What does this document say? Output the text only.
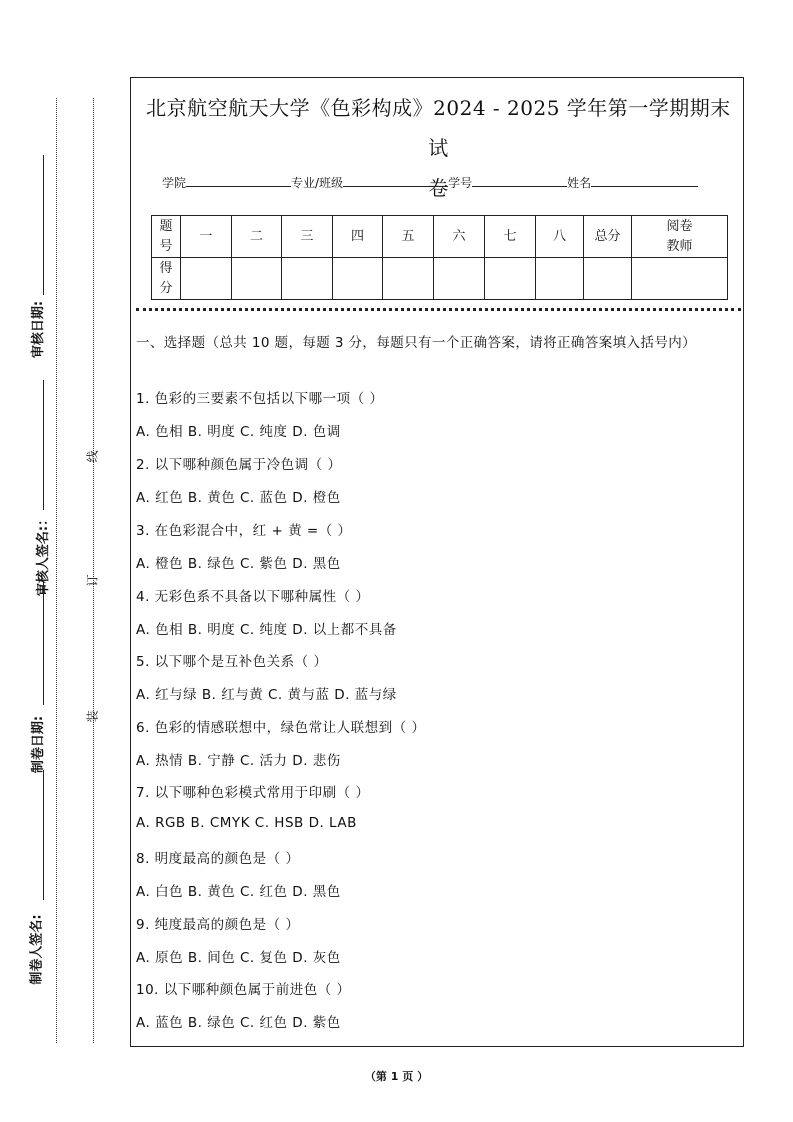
审核日期:
审核人签名:：
制卷日期:
制卷人签名:
线
订
装
北京航空航天大学《色彩构成》2024 - 2025 学年第一学期期末试
卷
学院	专业/班级	学号	姓名
题
号	一	二	三	四	五	六	七	八	总分	阅卷
教师
得
分										
一、选择题（总共 10 题，每题 3 分，每题只有一个正确答案，请将正确答案填入括号内）
1. 色彩的三要素不包括以下哪一项（ ）
A. 色相 B. 明度 C. 纯度 D. 色调
2. 以下哪种颜色属于冷色调（ ）
A. 红色 B. 黄色 C. 蓝色 D. 橙色
3. 在色彩混合中，红 + 黄 =（ ）
A. 橙色 B. 绿色 C. 紫色 D. 黑色
4. 无彩色系不具备以下哪种属性（ ）
A. 色相 B. 明度 C. 纯度 D. 以上都不具备
5. 以下哪个是互补色关系（ ）
A. 红与绿 B. 红与黄 C. 黄与蓝 D. 蓝与绿
6. 色彩的情感联想中，绿色常让人联想到（ ）
A. 热情 B. 宁静 C. 活力 D. 悲伤
7. 以下哪种色彩模式常用于印刷（ ）
A. RGB B. CMYK C. HSB D. LAB
8. 明度最高的颜色是（ ）
A. 白色 B. 黄色 C. 红色 D. 黑色
9. 纯度最高的颜色是（ ）
A. 原色 B. 间色 C. 复色 D. 灰色
10. 以下哪种颜色属于前进色（ ）
A. 蓝色 B. 绿色 C. 红色 D. 紫色
（第 1 页 ）
